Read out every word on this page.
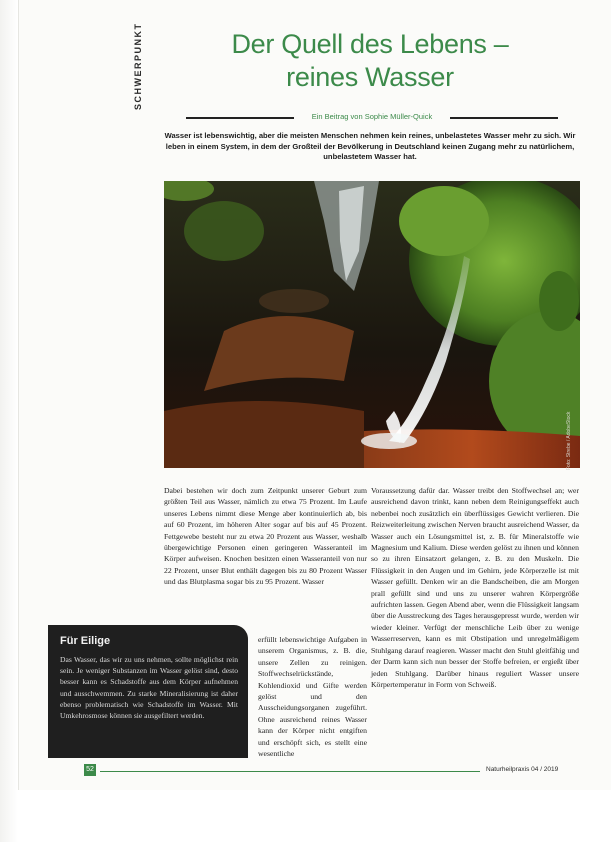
SCHWERPUNKT	Der Quell des Lebens –
reines Wasser
Ein Beitrag von Sophie Müller-Quick
Wasser ist lebenswichtig, aber die meisten Menschen nehmen kein reines, unbelastetes Wasser mehr zu sich. Wir leben in einem System, in dem der Großteil der Bevölkerung in Deutschland keinen Zugang mehr zu natürlichem, unbelastetem Wasser hat.
Foto: Strebe / AdobeStock

Dabei bestehen wir doch zum Zeitpunkt unserer Geburt zum größten Teil aus Wasser, nämlich zu etwa 75 Prozent. Im Laufe unseres Lebens nimmt diese Menge aber kontinuierlich ab, bis auf 60 Prozent, im höheren Alter sogar auf bis auf 45 Prozent. Fettgewebe besteht nur zu etwa 20 Prozent aus Wasser, weshalb übergewichtige Personen einen geringeren Wasseranteil im Körper aufweisen. Knochen besitzen einen Wasseranteil von nur 22 Prozent, unser Blut enthält dagegen bis zu 80 Prozent Wasser und das Blutplasma sogar bis zu 95 Prozent. Wasser

erfüllt lebenswichtige Aufgaben in unserem Organismus, z. B. die, unsere Zellen zu reinigen. Stoffwechselrückstände, Kohlendioxid und Gifte werden gelöst und den Ausscheidungsorganen zugeführt. Ohne ausreichend reines Wasser kann der Körper nicht entgiften und erschöpft sich, es stellt eine wesentliche

Voraussetzung dafür dar. Wasser treibt den Stoffwechsel an; wer ausreichend davon trinkt, kann neben dem Reinigungseffekt auch nebenbei noch zusätzlich ein überflüssiges Gewicht verlieren. Die Reizweiterleitung zwischen Nerven braucht ausreichend Wasser, da Wasser auch ein Lösungsmittel ist, z. B. für Mineralstoffe wie Magnesium und Kalium. Diese werden gelöst zu ihnen und können so zu ihren Einsatzort gelangen, z. B. zu den Muskeln. Die Flüssigkeit in den Augen und im Gehirn, jede Körperzelle ist mit Wasser gefüllt. Denken wir an die Bandscheiben, die am Morgen prall gefüllt sind und uns zu unserer wahren Körpergröße aufrichten lassen. Gegen Abend aber, wenn die Flüssigkeit langsam über die Ausstreckung des Tages herausgepresst wurde, werden wir wieder kleiner. Verfügt der menschliche Leib über zu wenige Wasserreserven, kann es mit Obstipation und unregelmäßigem Stuhlgang darauf reagieren. Wasser macht den Stuhl gleitfähig und der Darm kann sich nun besser der Stoffe befreien, er ergießt über jeden Stuhlgang. Darüber hinaus reguliert Wasser unsere Körpertemperatur in Form von Schweiß.

Für Eilige
Das Wasser, das wir zu uns nehmen, sollte möglichst rein sein. Je weniger Substanzen im Wasser gelöst sind, desto besser kann es Schadstoffe aus dem Körper aufnehmen und ausschwemmen. Zu starke Mineralisierung ist daher ebenso problematisch wie Schadstoffe im Wasser. Mit Umkehrosmose können sie ausgefiltert werden.
52	Naturheilpraxis 04 / 2019
